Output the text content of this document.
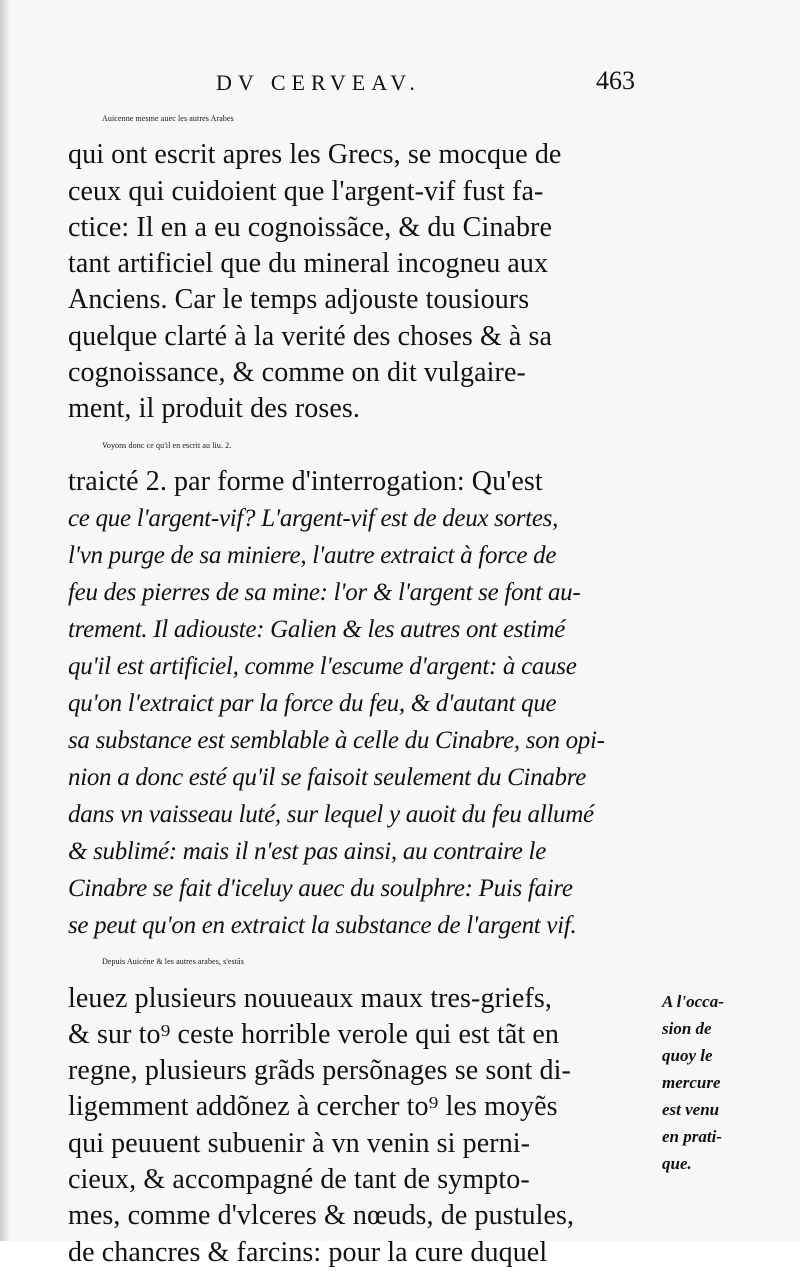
DV CERVEAV.	463
Auicenne mesme auec les autres Arabes
qui ont escrit apres les Grecs, se mocque de
ceux qui cuidoient que l'argent-vif fust fa-
ctice: Il en a eu cognoissãce, & du Cinabre
tant artificiel que du mineral incogneu aux
Anciens. Car le temps adjouste tousiours
quelque clarté à la verité des choses & à sa
cognoissance, & comme on dit vulgaire-
ment, il produit des roses.
Voyons donc ce qu'il en escrit au liu. 2.
traicté 2. par forme d'interrogation: Qu'est
ce que l'argent-vif? L'argent-vif est de deux sortes,
l'vn purge de sa miniere, l'autre extraict à force de
feu des pierres de sa mine: l'or & l'argent se font au-
trement. Il adiouste: Galien & les autres ont estimé
qu'il est artificiel, comme l'escume d'argent: à cause
qu'on l'extraict par la force du feu, & d'autant que
sa substance est semblable à celle du Cinabre, son opi-
nion a donc esté qu'il se faisoit seulement du Cinabre
dans vn vaisseau luté, sur lequel y auoit du feu allumé
& sublimé: mais il n'est pas ainsi, au contraire le
Cinabre se fait d'iceluy auec du soulphre: Puis faire
se peut qu'on en extraict la substance de l'argent vif.
Depuis Auicéne & les autres arabes, s'estãs
leuez plusieurs nouueaux maux tres-griefs,
& sur to⁹ ceste horrible verole qui est tãt en
regne, plusieurs grãds persõnages se sont di-
ligemment addõnez à cercher to⁹ les moyẽs
qui peuuent subuenir à vn venin si perni-
cieux, & accompagné de tant de sympto-
mes, comme d'vlceres & nœuds, de pustules,
de chancres & farcins: pour la cure duquel
A l'occa-
sion de
quoy le
mercure
est venu
en prati-
que.
